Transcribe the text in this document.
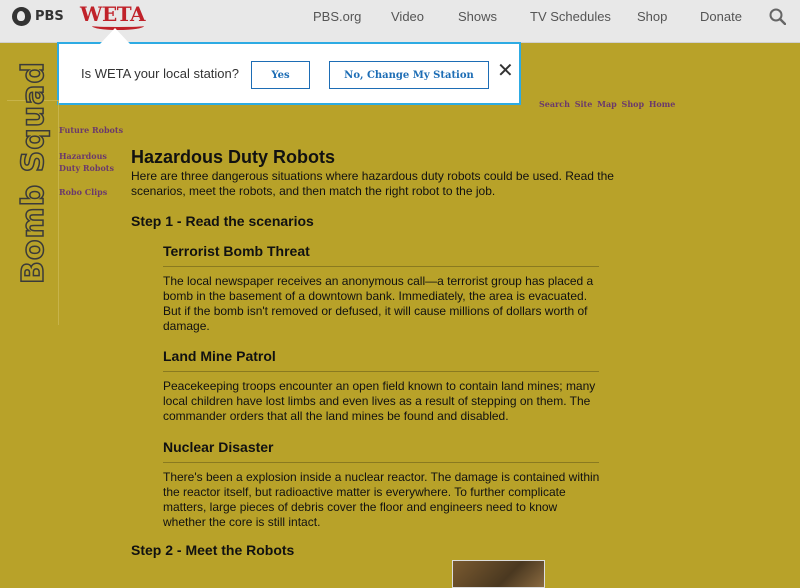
PBS WETA	PBS.org Video	Shows	TV Schedules Shop	Donate
Is WETA your local station?	Yes	No, Change My Station	✕
Bomb Squad Future Robots
Hazardous Duty Robots
Robo Clips
Search Site Map Shop Home
Hazardous Duty Robots
Here are three dangerous situations where hazardous duty robots could be used. Read the scenarios, meet the robots, and then match the right robot to the job.
Step 1 - Read the scenarios
Terrorist Bomb Threat
The local newspaper receives an anonymous call—a terrorist group has placed a bomb in the basement of a downtown bank. Immediately, the area is evacuated. But if the bomb isn't removed or defused, it will cause millions of dollars worth of damage.
Land Mine Patrol
Peacekeeping troops encounter an open field known to contain land mines; many local children have lost limbs and even lives as a result of stepping on them. The commander orders that all the land mines be found and disabled.
Nuclear Disaster
There's been a explosion inside a nuclear reactor. The damage is contained within the reactor itself, but radioactive matter is everywhere. To further complicate matters, large pieces of debris cover the floor and engineers need to know whether the core is still intact.
Step 2 - Meet the Robots
